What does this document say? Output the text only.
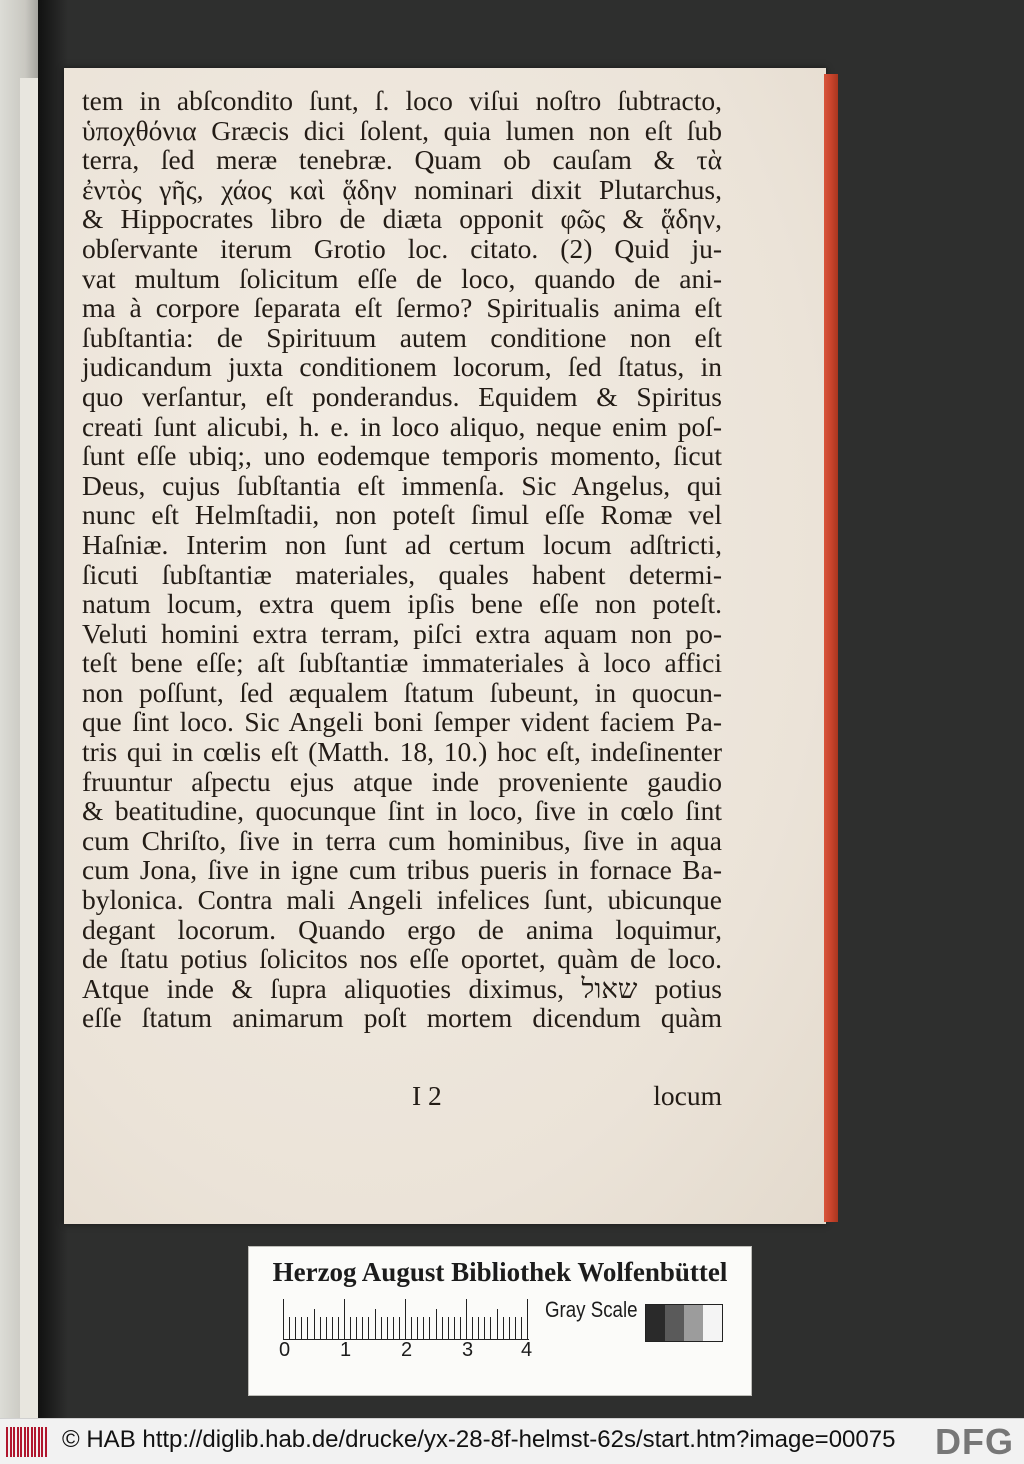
tem in abſcondito ſunt, ſ. loco viſui noſtro ſubtracto,
ὑποχθόνια Græcis dici ſolent, quia lumen non eſt ſub
terra, ſed meræ tenebræ. Quam ob cauſam & τὰ
ἐντὸς γῆς, χάος καὶ ᾅδην nominari dixit Plutarchus,
& Hippocrates libro de diæta opponit φῶς & ᾅδην,
obſervante iterum Grotio loc. citato. (2) Quid ju-
vat multum ſolicitum eſſe de loco, quando de ani-
ma à corpore ſeparata eſt ſermo? Spiritualis anima eſt
ſubſtantia: de Spirituum autem conditione non eſt
judicandum juxta conditionem locorum, ſed ſtatus, in
quo verſantur, eſt ponderandus. Equidem & Spiritus
creati ſunt alicubi, h. e. in loco aliquo, neque enim poſ-
ſunt eſſe ubiq;, uno eodemque temporis momento, ſicut
Deus, cujus ſubſtantia eſt immenſa. Sic Angelus, qui
nunc eſt Helmſtadii, non poteſt ſimul eſſe Romæ vel
Haſniæ. Interim non ſunt ad certum locum adſtricti,
ſicuti ſubſtantiæ materiales, quales habent determi-
natum locum, extra quem ipſis bene eſſe non poteſt.
Veluti homini extra terram, piſci extra aquam non po-
teſt bene eſſe; aſt ſubſtantiæ immateriales à loco affici
non poſſunt, ſed æqualem ſtatum ſubeunt, in quocun-
que ſint loco. Sic Angeli boni ſemper vident faciem Pa-
tris qui in cœlis eſt (Matth. 18, 10.) hoc eſt, indeſinenter
fruuntur aſpectu ejus atque inde proveniente gaudio
& beatitudine, quocunque ſint in loco, ſive in cœlo ſint
cum Chriſto, ſive in terra cum hominibus, ſive in aqua
cum Jona, ſive in igne cum tribus pueris in fornace Ba-
bylonica. Contra mali Angeli infelices ſunt, ubicunque
degant locorum. Quando ergo de anima loquimur,
de ſtatu potius ſolicitos nos eſſe oportet, quàm de loco.
Atque inde & ſupra aliquoties diximus, שאול potius
eſſe ſtatum animarum poſt mortem dicendum quàm
I 2	locum
Herzog August Bibliothek Wolfenbüttel
0 1 2 3 4
Gray Scale
© HAB http://diglib.hab.de/drucke/yx-28-8f-helmst-62s/start.htm?image=00075 DFG
